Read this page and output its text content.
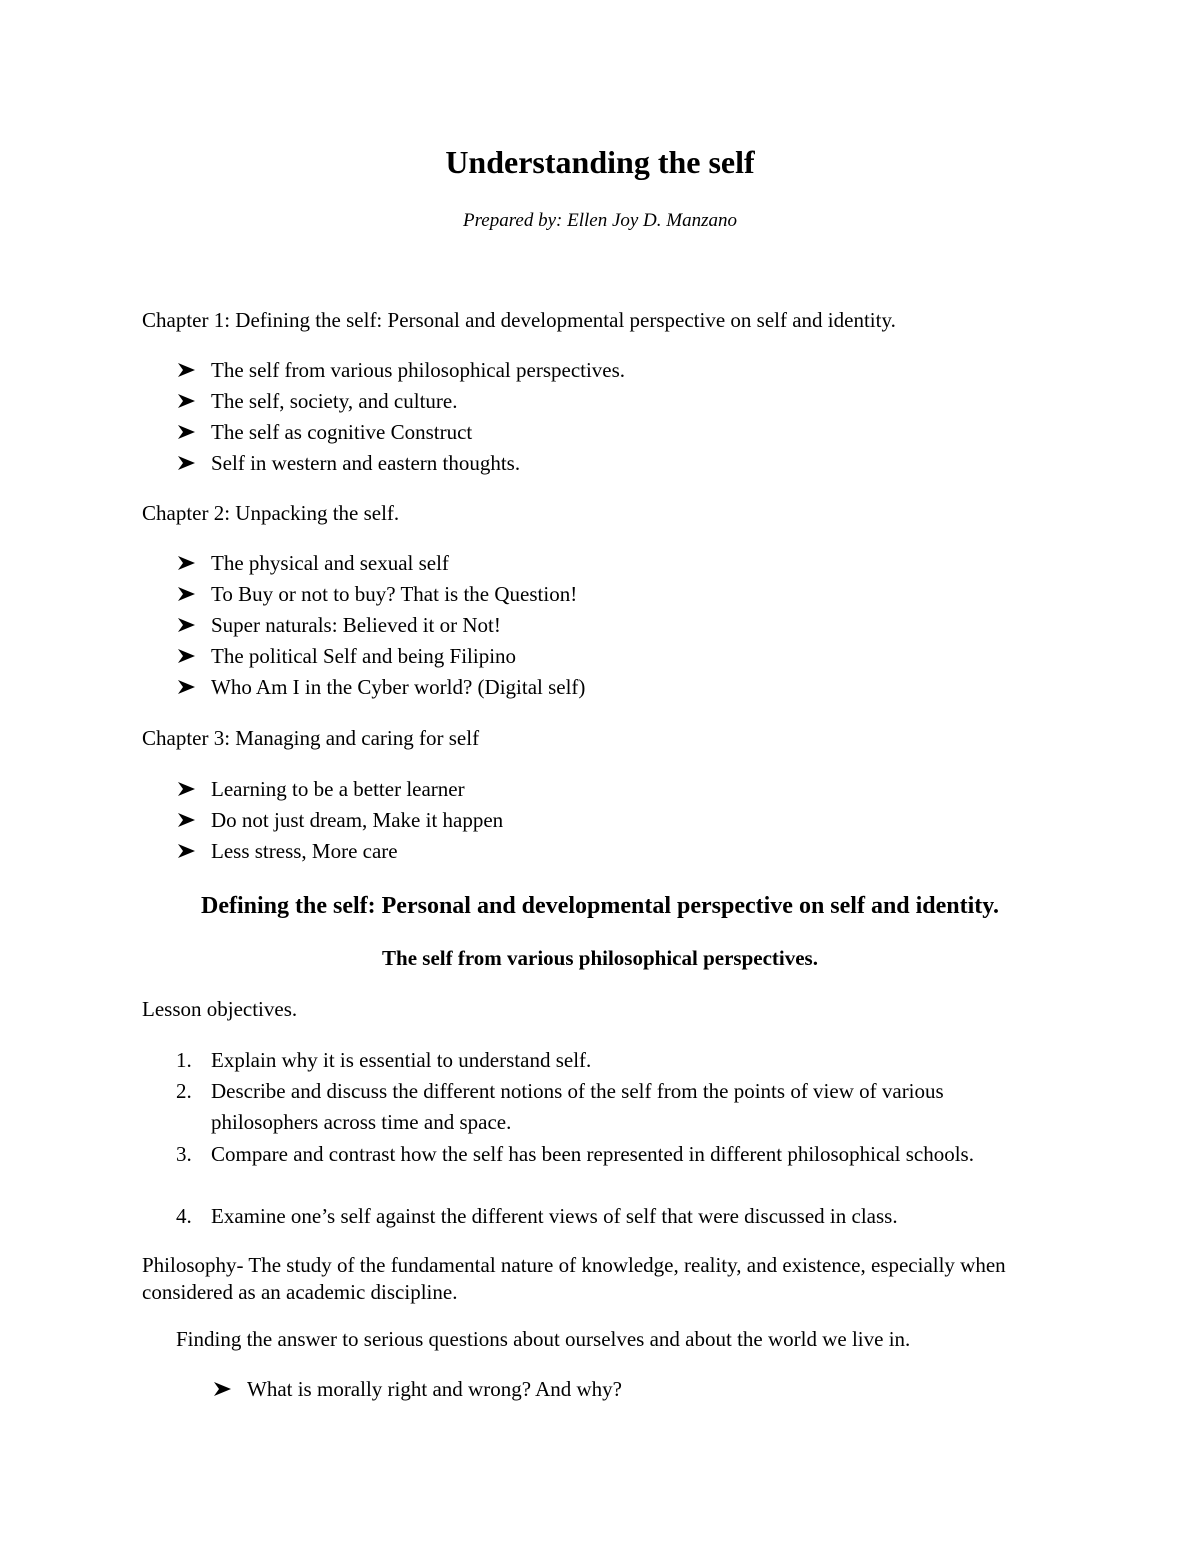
Understanding the self
Prepared by: Ellen Joy D. Manzano
Chapter 1: Defining the self: Personal and developmental perspective on self and identity.
The self from various philosophical perspectives.
The self, society, and culture.
The self as cognitive Construct
Self in western and eastern thoughts.
Chapter 2: Unpacking the self.
The physical and sexual self
To Buy or not to buy? That is the Question!
Super naturals: Believed it or Not!
The political Self and being Filipino
Who Am I in the Cyber world? (Digital self)
Chapter 3: Managing and caring for self
Learning to be a better learner
Do not just dream, Make it happen
Less stress, More care
Defining the self: Personal and developmental perspective on self and identity.
The self from various philosophical perspectives.
Lesson objectives.
1. Explain why it is essential to understand self.
2. Describe and discuss the different notions of the self from the points of view of various philosophers across time and space.
3. Compare and contrast how the self has been represented in different philosophical schools.
4. Examine one’s self against the different views of self that were discussed in class.
Philosophy- The study of the fundamental nature of knowledge, reality, and existence, especially when considered as an academic discipline.
Finding the answer to serious questions about ourselves and about the world we live in.
What is morally right and wrong? And why?
